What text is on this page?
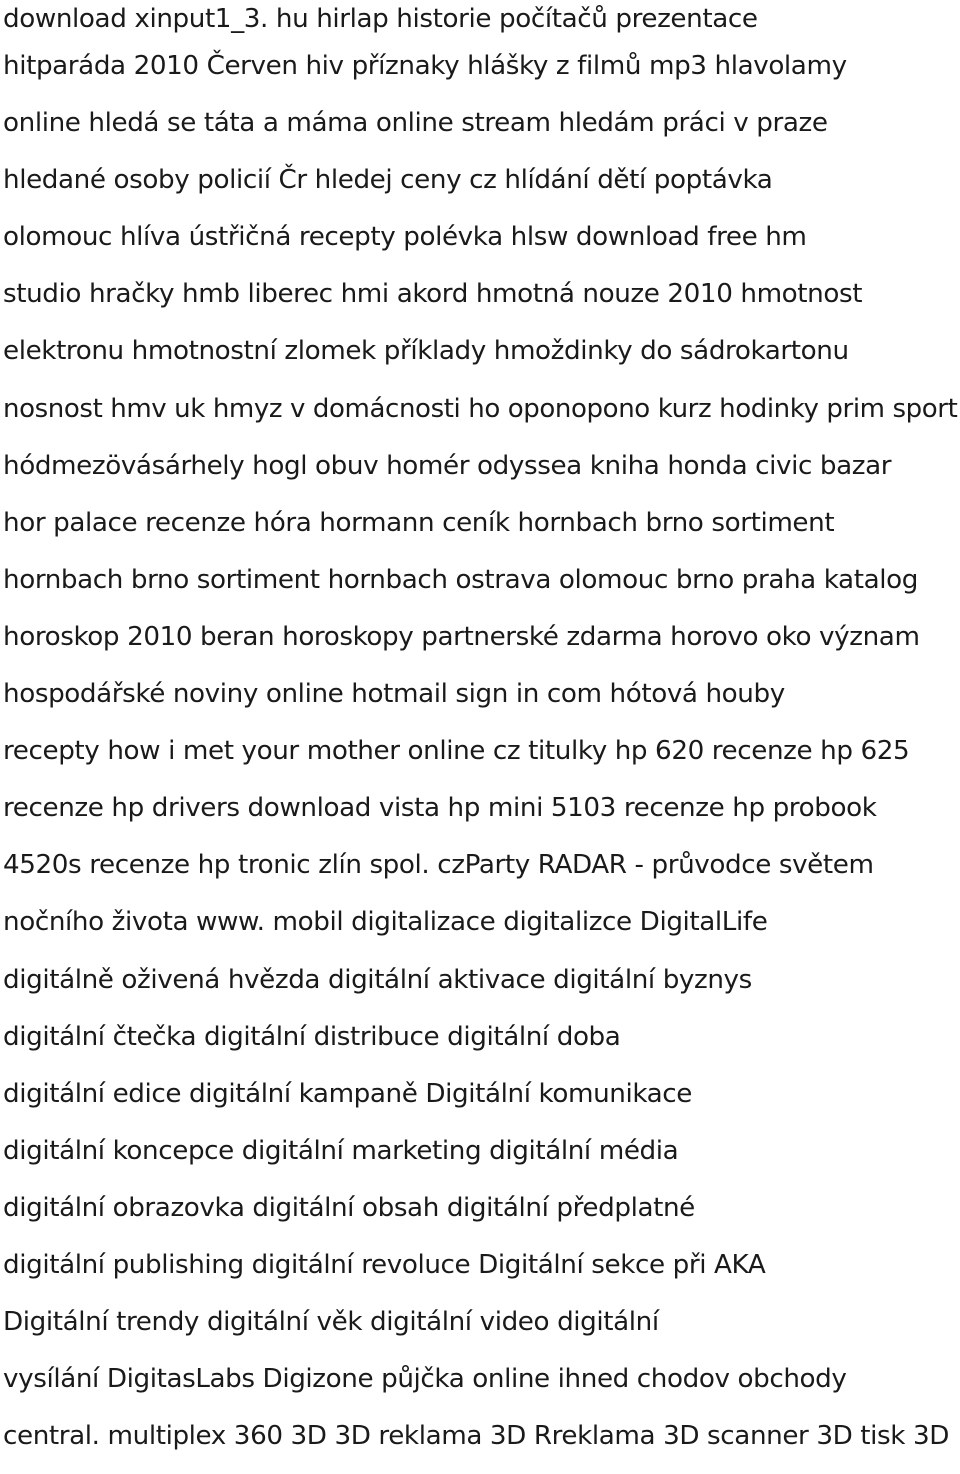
download xinput1_3. hu hirlap historie počítačů prezentace
hitparáda 2010 Červen hiv příznaky hlášky z filmů mp3 hlavolamy
online hledá se táta a máma online stream hledám práci v praze
hledané osoby policií Čr hledej ceny cz hlídání dětí poptávka
olomouc hlíva ústřičná recepty polévka hlsw download free hm
studio hračky hmb liberec hmi akord hmotná nouze 2010 hmotnost
elektronu hmotnostní zlomek příklady hmoždinky do sádrokartonu
nosnost hmv uk hmyz v domácnosti ho oponopono kurz hodinky prim sport
hódmezövásárhely hogl obuv homér odyssea kniha honda civic bazar
hor palace recenze hóra hormann ceník hornbach brno sortiment
hornbach brno sortiment hornbach ostrava olomouc brno praha katalog
horoskop 2010 beran horoskopy partnerské zdarma horovo oko význam
hospodářské noviny online hotmail sign in com hótová houby
recepty how i met your mother online cz titulky hp 620 recenze hp 625
recenze hp drivers download vista hp mini 5103 recenze hp probook
4520s recenze hp tronic zlín spol. czParty RADAR - průvodce světem
nočního života www. mobil digitalizace digitalizce DigitalLife
digitálně oživená hvězda digitální aktivace digitální byznys
digitální čtečka digitální distribuce digitální doba
digitální edice digitální kampaně Digitální komunikace
digitální koncepce digitální marketing digitální média
digitální obrazovka digitální obsah digitální předplatné
digitální publishing digitální revoluce Digitální sekce při AKA
Digitální trendy digitální věk digitální video digitální
vysílání DigitasLabs Digizone půjčka online ihned chodov obchody
central. multiplex 360 3D 3D reklama 3D Rreklama 3D scanner 3D tisk 3D
